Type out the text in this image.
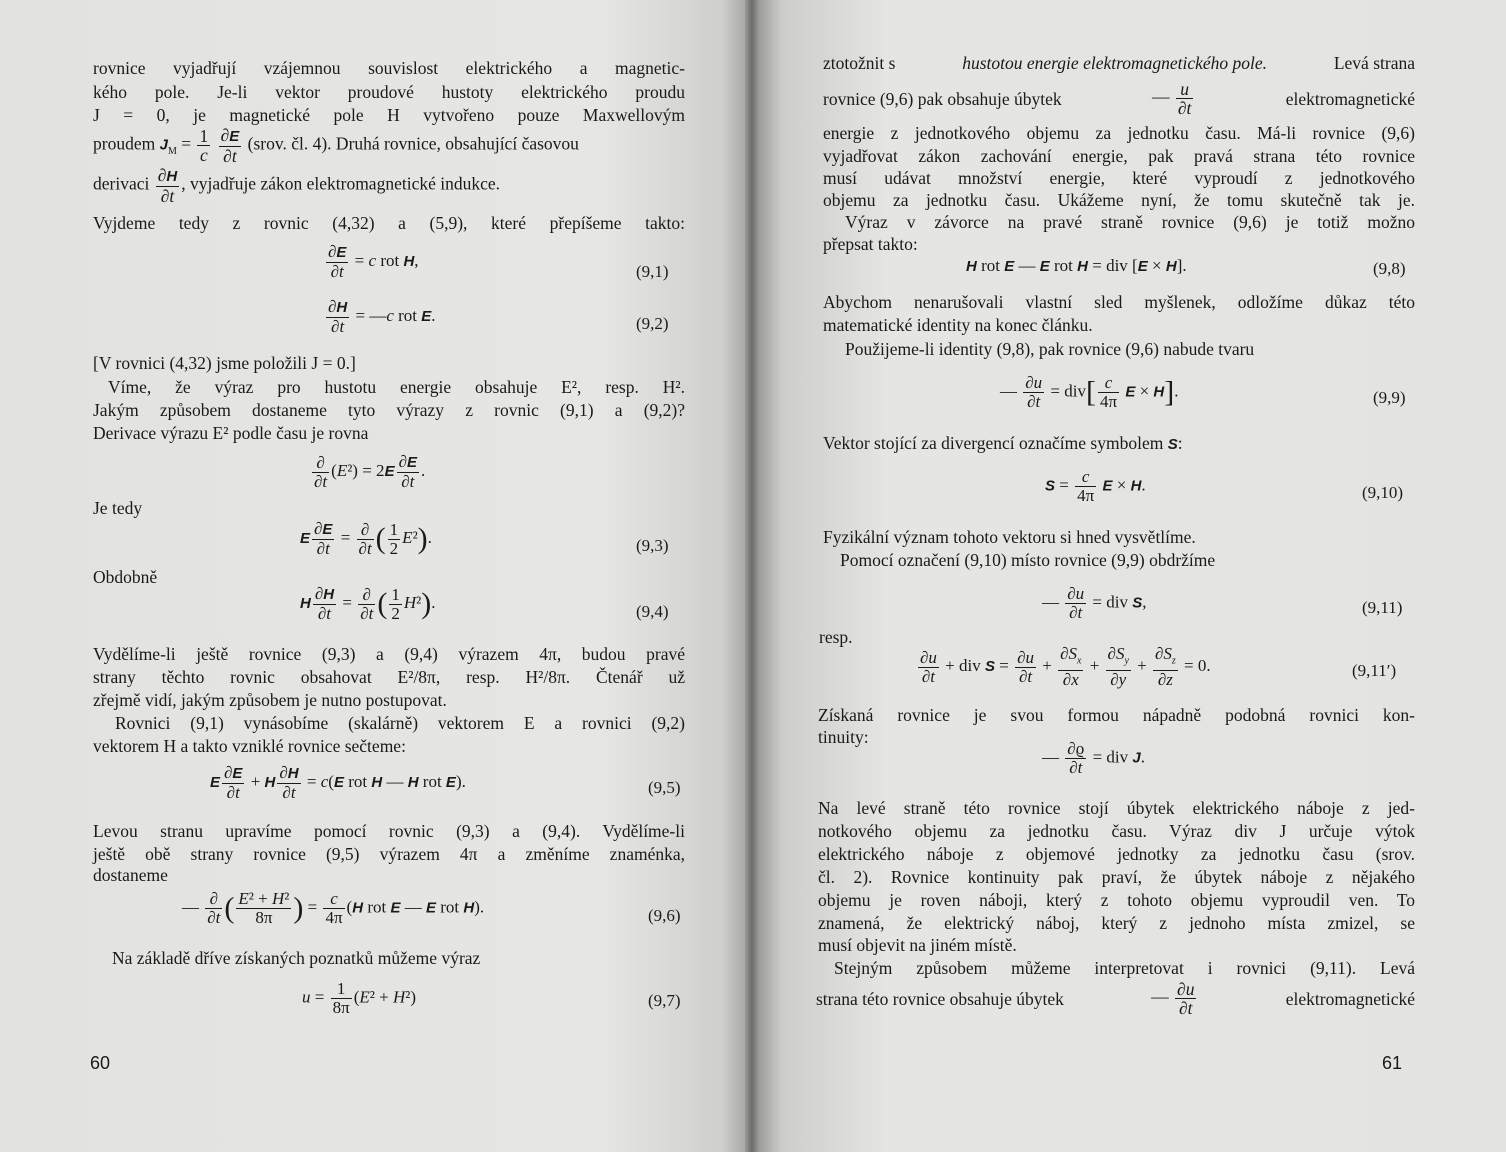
rovnice vyjadřují vzájemnou souvislost elektrického a magnetic-
kého pole. Je-li vektor proudové hustoty elektrického proudu
J = 0, je magnetické pole H vytvořeno pouze Maxwellovým
proudem $J_M = \frac{1}{c}$
$\frac{\partial E}{\partial t}$ (srov. čl. 4). Druhá rovnice, obsahující časovou
derivaci $\frac{\partial H}{\partial t}$ , vyjadřuje zákon elektromagnetické indukce.
Vyjdeme tedy z rovnic (4,32) a (5,9), které přepíšeme takto:
$\frac{\partial E}{\partial t} = c$ rot H,
(9,1)
$\frac{\partial H}{\partial t}$ = —c rot E.	(9,2)
[V rovnici (4,32) jsme položili J = 0.]
Víme, že výraz pro hustotu energie obsahuje E², resp. H².
Jakým způsobem dostaneme tyto výrazy z rovnic (9,1) a (9,2)?
Derivace výrazu E² podle času je rovna
$\frac{\partial}{\partial t} (E^2) = 2E \frac{\partial E}{\partial t}$ .
Je tedy
E $\frac{\partial E}{\partial t} = \frac{\partial}{\partial t}$ ( $\frac{1}{2} E^2$).	(9,3)
Obdobně
H $\frac{\partial H}{\partial t} = \frac{\partial}{\partial t}$ ( $\frac{1}{2} H^2$).	(9,4)
Vydělíme-li ještě rovnice (9,3) a (9,4) výrazem 4π, budou pravé
strany těchto rovnic obsahovat E²/8π, resp. H²/8π. Čtenář už
zřejmě vidí, jakým způsobem je nutno postupovat.
Rovnici (9,1) vynásobíme (skalárně) vektorem E a rovnici (9,2)
vektorem H a takto vzniklé rovnice sečteme:
E $\frac{\partial E}{\partial t} + H \frac{\partial H}{\partial t} = c(E$ rot H — H rot E).	(9,5)
Levou stranu upravíme pomocí rovnic (9,3) a (9,4). Vydělíme-li
ještě obě strany rovnice (9,5) výrazem 4π a změníme znaménka,
dostaneme
— $\frac{\partial}{\partial t}$ ( $\frac{\text{E² + H²}}{8\pi}$ ) = $\frac{c}{4\pi} (H$ rot E — E rot H).	(9,6)
Na základě dříve získaných poznatků můžeme výraz
$u = \frac{1}{8\pi} (E^2 + H^2)$	(9,7)
60
ztotožnit s	hustotou energie elektromagnetického pole.	Levá strana
rovnice (9,6) pak obsahuje úbytek	— $\frac{u}{\partial t}$	elektromagnetické
energie z jednotkového objemu za jednotku času. Má-li rovnice (9,6)
vyjadřovat zákon zachování energie, pak pravá strana této rovnice
musí udávat množství energie, které vyproudí z jednotkového
objemu za jednotku času. Ukážeme nyní, že tomu skutečně tak je.
Výraz v závorce na pravé straně rovnice (9,6) je totiž možno
přepsat takto:
H rot E — E rot H = div [E × H].	(9,8)
Abychom nenarušovali vlastní sled myšlenek, odložíme důkaz této
matematické identity na konec článku.
Použijeme-li identity (9,8), pak rovnice (9,6) nabude tvaru
— $\frac{\partial u}{\partial t} = div[ \frac{c}{4\pi}$ E × H].	(9,9)
Vektor stojící za divergencí označíme symbolem S:
$S = \frac{c}{4\pi}$ E × H.	(9,10)
Fyzikální význam tohoto vektoru si hned vysvětlíme.
Pomocí označení (9,10) místo rovnice (9,9) obdržíme
— $\frac{\partial u}{\partial t}$ = div S,	(9,11)
resp.
$\frac{\partial u}{\partial t}$ + div $S = \frac{\partial u}{\partial t} + \frac{\partial S_x}{\partial x} + \frac{\partial S_y}{\partial y} + \frac{\partial S_z}{\partial z} = 0$.	(9,11′)
Získaná rovnice je svou formou nápadně podobná rovnici kon-
tinuity:
— $\frac{\partial ϱ}{\partial t}$ = div J.
Na levé straně této rovnice stojí úbytek elektrického náboje z jed-
notkového objemu za jednotku času. Výraz div J určuje výtok
elektrického náboje z objemové jednotky za jednotku času (srov.
čl. 2). Rovnice kontinuity pak praví, že úbytek náboje z nějakého
objemu je roven náboji, který z tohoto objemu vyproudil ven. To
znamená, že elektrický náboj, který z jednoho místa zmizel, se
musí objevit na jiném místě.
Stejným způsobem můžeme interpretovat i rovnici (9,11). Levá
strana této rovnice obsahuje úbytek	— $\frac{\partial u}{\partial t}$	elektromagnetické
61
